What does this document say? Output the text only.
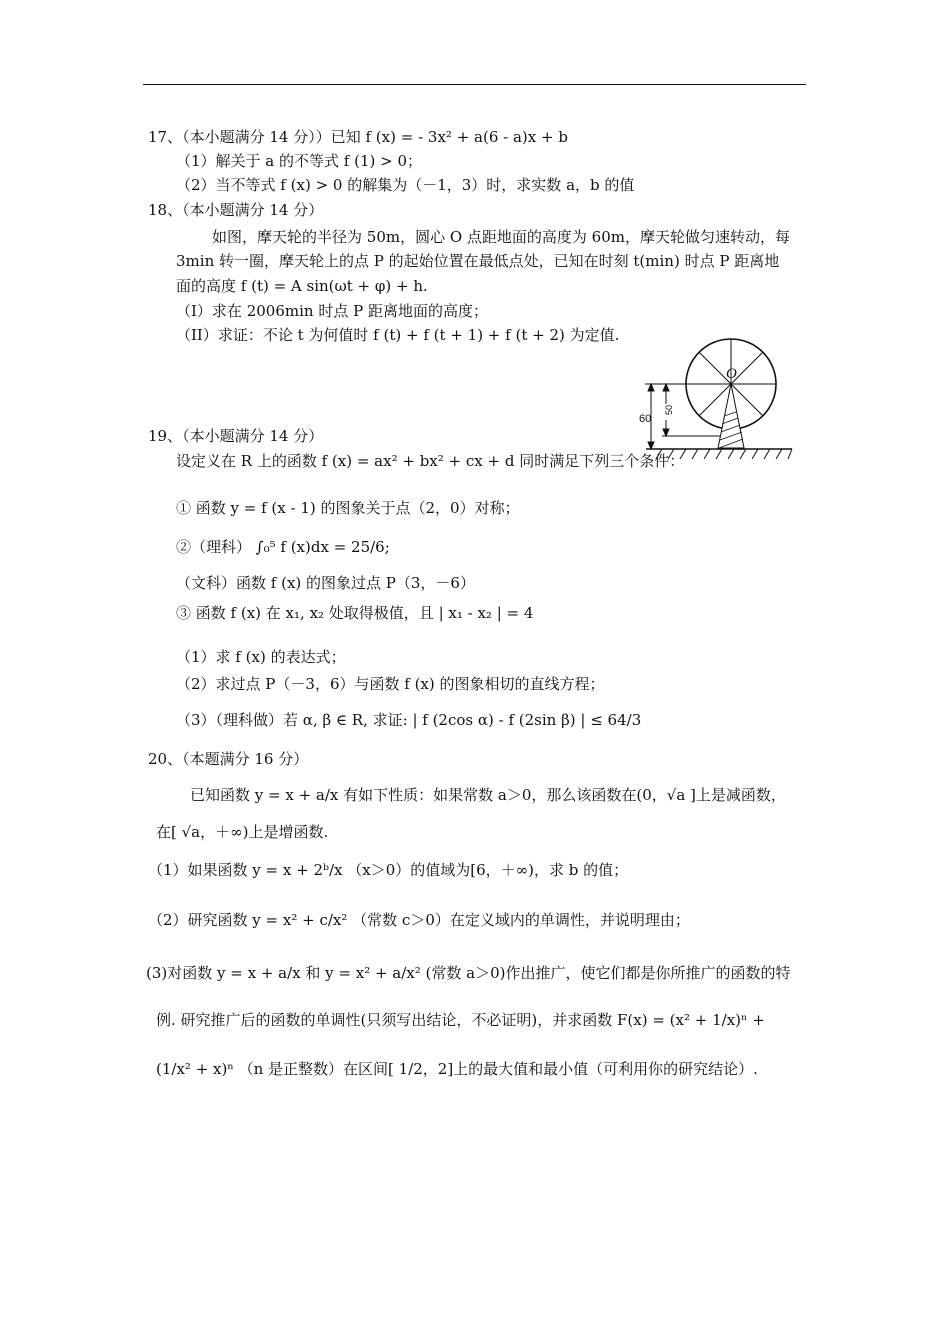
17、（本小题满分 14 分））已知 f (x) = - 3x² + a(6 - a)x + b
（1）解关于 a 的不等式 f (1) > 0；
（2）当不等式 f (x) > 0 的解集为（－1，3）时，求实数 a，b 的值
18、（本小题满分 14 分）
如图，摩天轮的半径为 50m，圆心 O 点距地面的高度为 60m，摩天轮做匀速转动，每
3min 转一圈，摩天轮上的点 P 的起始位置在最低点处，已知在时刻 t(min) 时点 P 距离地
面的高度 f (t) = A sin(ωt + φ) + h.
（I）求在 2006min 时点 P 距离地面的高度；
（II）求证：不论 t 为何值时 f (t) + f (t + 1) + f (t + 2) 为定值.
O
60
50
19、（本小题满分 14 分）
设定义在 R 上的函数 f (x) = ax² + bx² + cx + d 同时满足下列三个条件：
① 函数 y = f (x - 1) 的图象关于点（2，0）对称；
②（理科） ∫₀⁵ f (x)dx = 25/6;
（文科）函数 f (x) 的图象过点 P（3，－6）
③ 函数 f (x) 在 x₁, x₂ 处取得极值，且 | x₁ - x₂ | = 4
（1）求 f (x) 的表达式；
（2）求过点 P（－3，6）与函数 f (x) 的图象相切的直线方程；
（3）（理科做）若 α, β ∈ R, 求证: | f (2cos α) - f (2sin β) | ≤ 64/3
20、（本题满分 16 分）
已知函数 y = x + a/x 有如下性质：如果常数 a＞0，那么该函数在(0，√a ]上是减函数，
在[ √a，＋∞)上是增函数.
（1）如果函数 y = x + 2ᵇ/x （x＞0）的值域为[6，＋∞)，求 b 的值；
（2）研究函数 y = x² + c/x² （常数 c＞0）在定义域内的单调性，并说明理由；
(3)对函数 y = x + a/x 和 y = x² + a/x² (常数 a＞0)作出推广，使它们都是你所推广的函数的特
例. 研究推广后的函数的单调性(只须写出结论，不必证明)，并求函数 F(x) = (x² + 1/x)ⁿ +
(1/x² + x)ⁿ （n 是正整数）在区间[ 1/2，2]上的最大值和最小值（可利用你的研究结论）.
